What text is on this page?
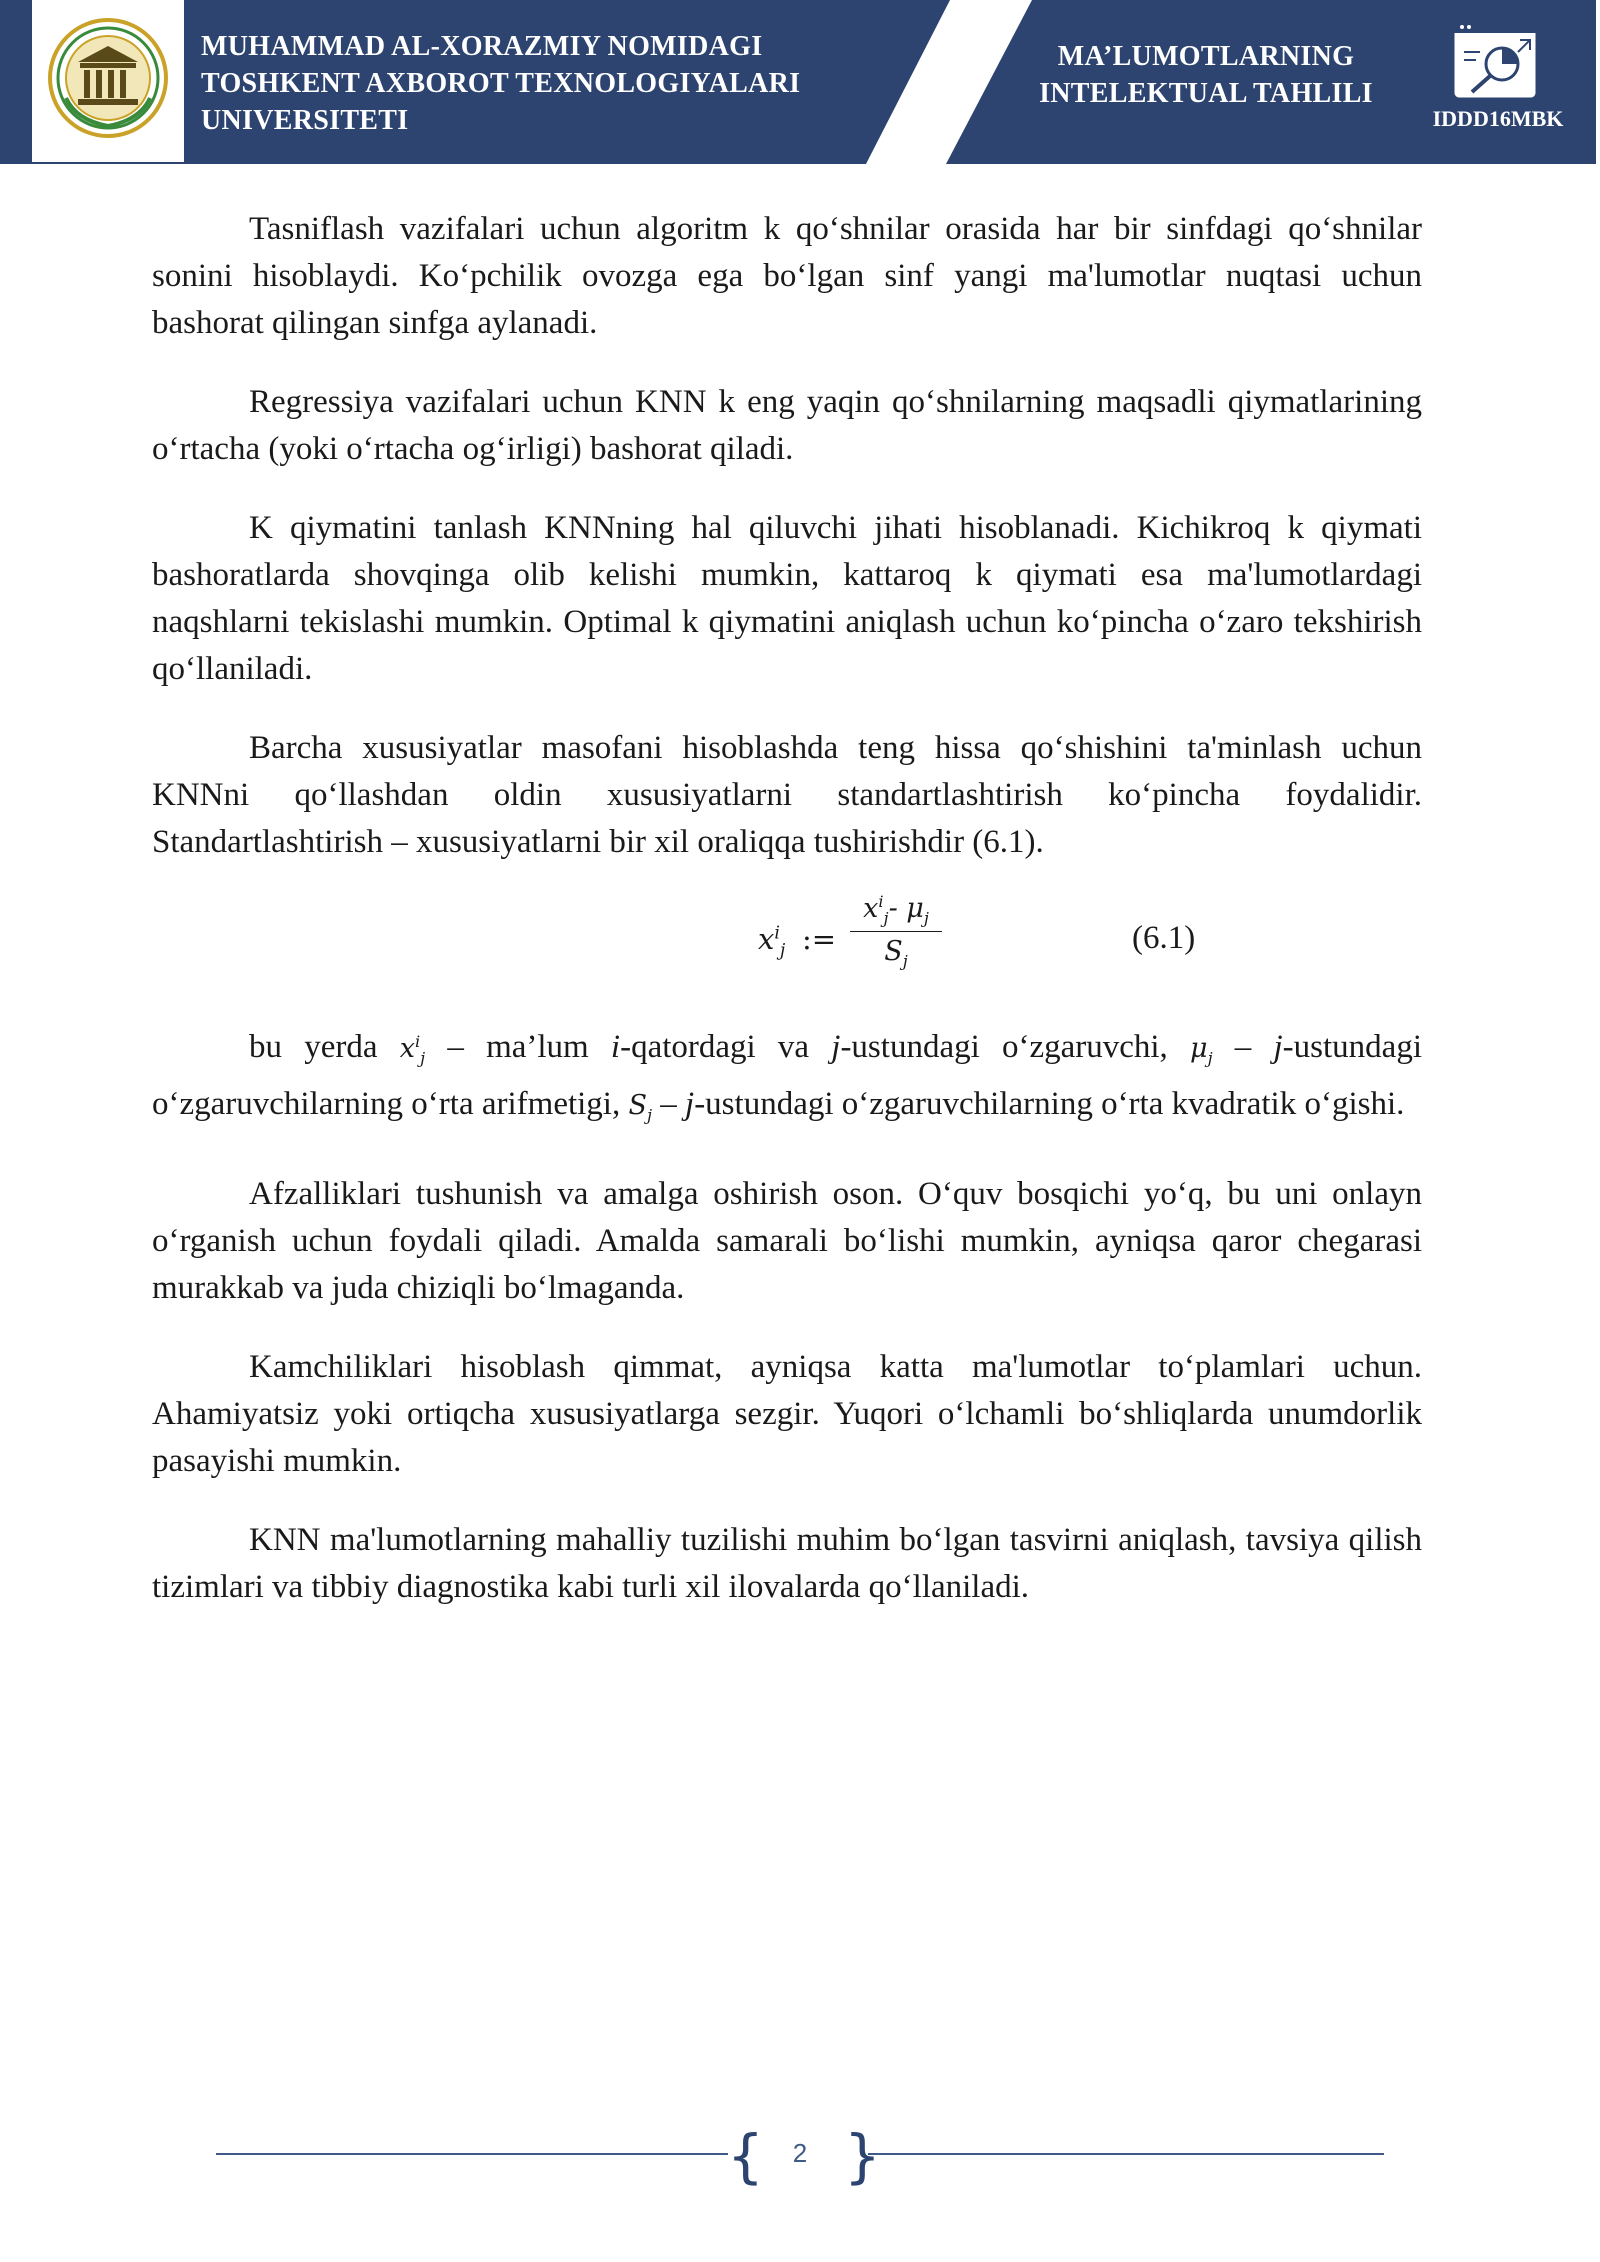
MUHAMMAD AL-XORAZMIY NOMIDAGI
TOSHKENT AXBOROT TEXNOLOGIYALARI
UNIVERSITETI
MA’LUMOTLARNING
INTELEKTUAL TAHLILI
IDDD16MBK

Tasniflash vazifalari uchun algoritm k qo‘shnilar orasida har bir sinfdagi qo‘shnilar sonini hisoblaydi. Ko‘pchilik ovozga ega bo‘lgan sinf yangi ma'lumotlar nuqtasi uchun bashorat qilingan sinfga aylanadi.

Regressiya vazifalari uchun KNN k eng yaqin qo‘shnilarning maqsadli qiymatlarining o‘rtacha (yoki o‘rtacha og‘irligi) bashorat qiladi.

K qiymatini tanlash KNNning hal qiluvchi jihati hisoblanadi. Kichikroq k qiymati bashoratlarda shovqinga olib kelishi mumkin, kattaroq k qiymati esa ma'lumotlardagi naqshlarni tekislashi mumkin. Optimal k qiymatini aniqlash uchun ko‘pincha o‘zaro tekshirish qo‘llaniladi.

Barcha xususiyatlar masofani hisoblashda teng hissa qo‘shishini ta'minlash uchun KNNni qo‘llashdan oldin xususiyatlarni standartlashtirish ko‘pincha foydalidir. Standartlashtirish – xususiyatlarni bir xil oraliqqa tushirishdir (6.1).

$x^i_j$ :=
$x^i_j-$ $\mu_j$
$S_j$
(6.1)

bu yerda $x^i_j$ – ma’lum i-qatordagi va j-ustundagi o‘zgaruvchi, $\mu_j$ – j-ustundagi o‘zgaruvchilarning o‘rta arifmetigi, $S_j$ – j-ustundagi o‘zgaruvchilarning o‘rta kvadratik o‘gishi.

Afzalliklari tushunish va amalga oshirish oson. O‘quv bosqichi yo‘q, bu uni onlayn o‘rganish uchun foydali qiladi. Amalda samarali bo‘lishi mumkin, ayniqsa qaror chegarasi murakkab va juda chiziqli bo‘lmaganda.

Kamchiliklari hisoblash qimmat, ayniqsa katta ma'lumotlar to‘plamlari uchun. Ahamiyatsiz yoki ortiqcha xususiyatlarga sezgir. Yuqori o‘lchamli bo‘shliqlarda unumdorlik pasayishi mumkin.

KNN ma'lumotlarning mahalliy tuzilishi muhim bo‘lgan tasvirni aniqlash, tavsiya qilish tizimlari va tibbiy diagnostika kabi turli xil ilovalarda qo‘llaniladi.

{	2 }
